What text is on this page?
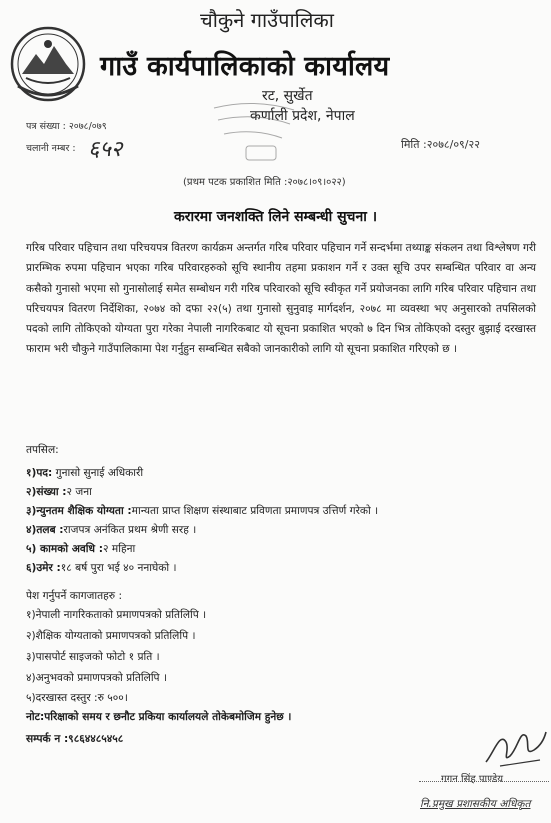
चौकुने गाउँपालिका
गाउँ कार्यपालिकाको कार्यालय
रट, सुर्खेत
कर्णाली प्रदेश, नेपाल
पत्र संख्या : २०७८/०७९
चलानी नम्बर : ६५२	मिति :२०७८/०९/२२
(प्रथम पटक प्रकाशित मिति :२०७८।०९।०२२)
करारमा जनशक्ति लिने सम्बन्धी सुचना ।
गरिब परिवार पहिचान तथा परिचयपत्र वितरण कार्यक्रम अन्तर्गत गरिब परिवार पहिचान गर्ने सन्दर्भमा तथ्याङ्क संकलन तथा विश्लेषण गरी प्रारम्भिक रुपमा पहिचान भएका गरिब परिवारहरुको सूचि स्थानीय तहमा प्रकाशन गर्ने र उक्त सूचि उपर सम्बन्धित परिवार वा अन्य कसैको गुनासो भएमा सो गुनासोलाई समेत सम्बोधन गरी गरिब परिवारको सूचि स्वीकृत गर्ने प्रयोजनका लागि गरिब परिवार पहिचान तथा परिचयपत्र वितरण निर्देशिका, २०७४ को दफा २२(५) तथा गुनासो सुनुवाइ मार्गदर्शन, २०७८ मा व्यवस्था भए अनुसारको तपसिलको पदको लागि तोकिएको योग्यता पुरा गरेका नेपाली नागरिकबाट यो सूचना प्रकाशित भएको ७ दिन भित्र तोकिएको दस्तुर बुझाई दरखास्त फाराम भरी चौकुने गाउँपालिकामा पेश गर्नुहुन सम्बन्धित सबैको जानकारीको लागि यो सूचना प्रकाशित गरिएको छ ।
तपसिल:
१)पद: गुनासो सुनाई अधिकारी
२)संख्या :२ जना
३)न्युनतम शैक्षिक योग्यता :मान्यता प्राप्त शिक्षण संस्थाबाट प्रविणता प्रमाणपत्र उत्तिर्ण गरेको ।
४)तलब :राजपत्र अनंकित प्रथम श्रेणी सरह ।
५) कामको अवधि :२ महिना
६)उमेर :१८ बर्ष पुरा भई ४० ननाघेको ।
पेश गर्नुपर्ने कागजातहरु :
१)नेपाली नागरिकताको प्रमाणपत्रको प्रतिलिपि ।
२)शैक्षिक योग्यताको प्रमाणपत्रको प्रतिलिपि ।
३)पासपोर्ट साइजको फोटो १ प्रति ।
४)अनुभवको प्रमाणपत्रको प्रतिलिपि ।
५)दरखास्त दस्तुर :रु ५००।
नोट:परिक्षाको समय र छनौट प्रकिया कार्यालयले तोकेबमोजिम हुनेछ ।
सम्पर्क न :९८६४४८५४५८
गगन सिंह पाण्डेय
नि.प्रमुख प्रशासकीय अधिकृत
